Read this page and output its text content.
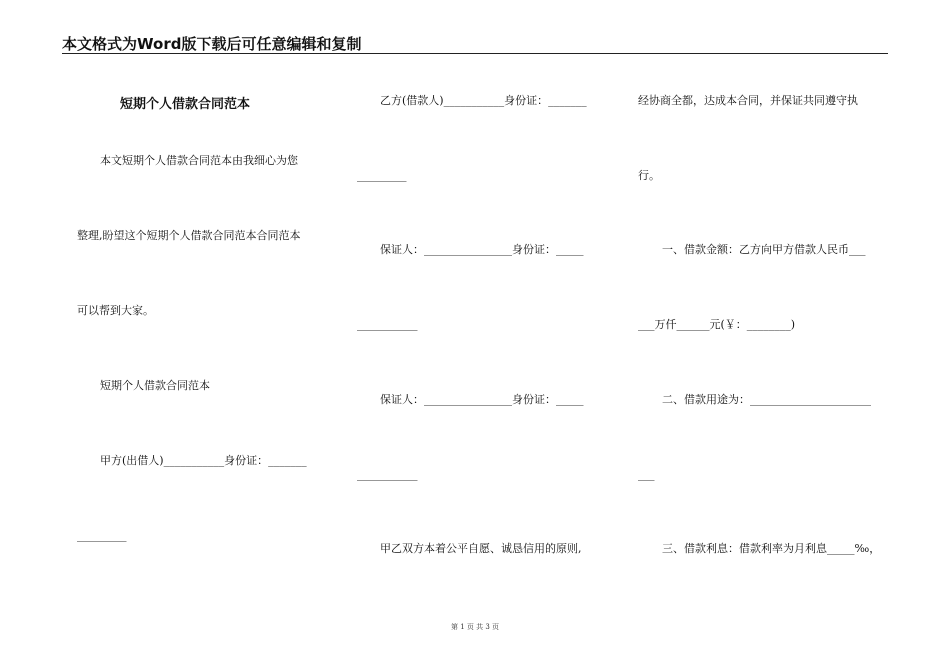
本文格式为Word版下载后可任意编辑和复制
短期个人借款合同范本
本文短期个人借款合同范本由我细心为您
整理,盼望这个短期个人借款合同范本合同范本
可以帮到大家。
短期个人借款合同范本
甲方(出借人)___________身份证：_______
_________
乙方(借款人)___________身份证：_______
_________
保证人：________________身份证：_____
___________
保证人：________________身份证：_____
___________
甲乙双方本着公平自愿、诚恳信用的原则,
经协商全都，达成本合同，并保证共同遵守执
行。
一、借款金额：乙方向甲方借款人民币___
___万仟______元(￥：________)
二、借款用途为：______________________
___
三、借款利息：借款利率为月利息_____‰，
第 1 页 共 3 页
